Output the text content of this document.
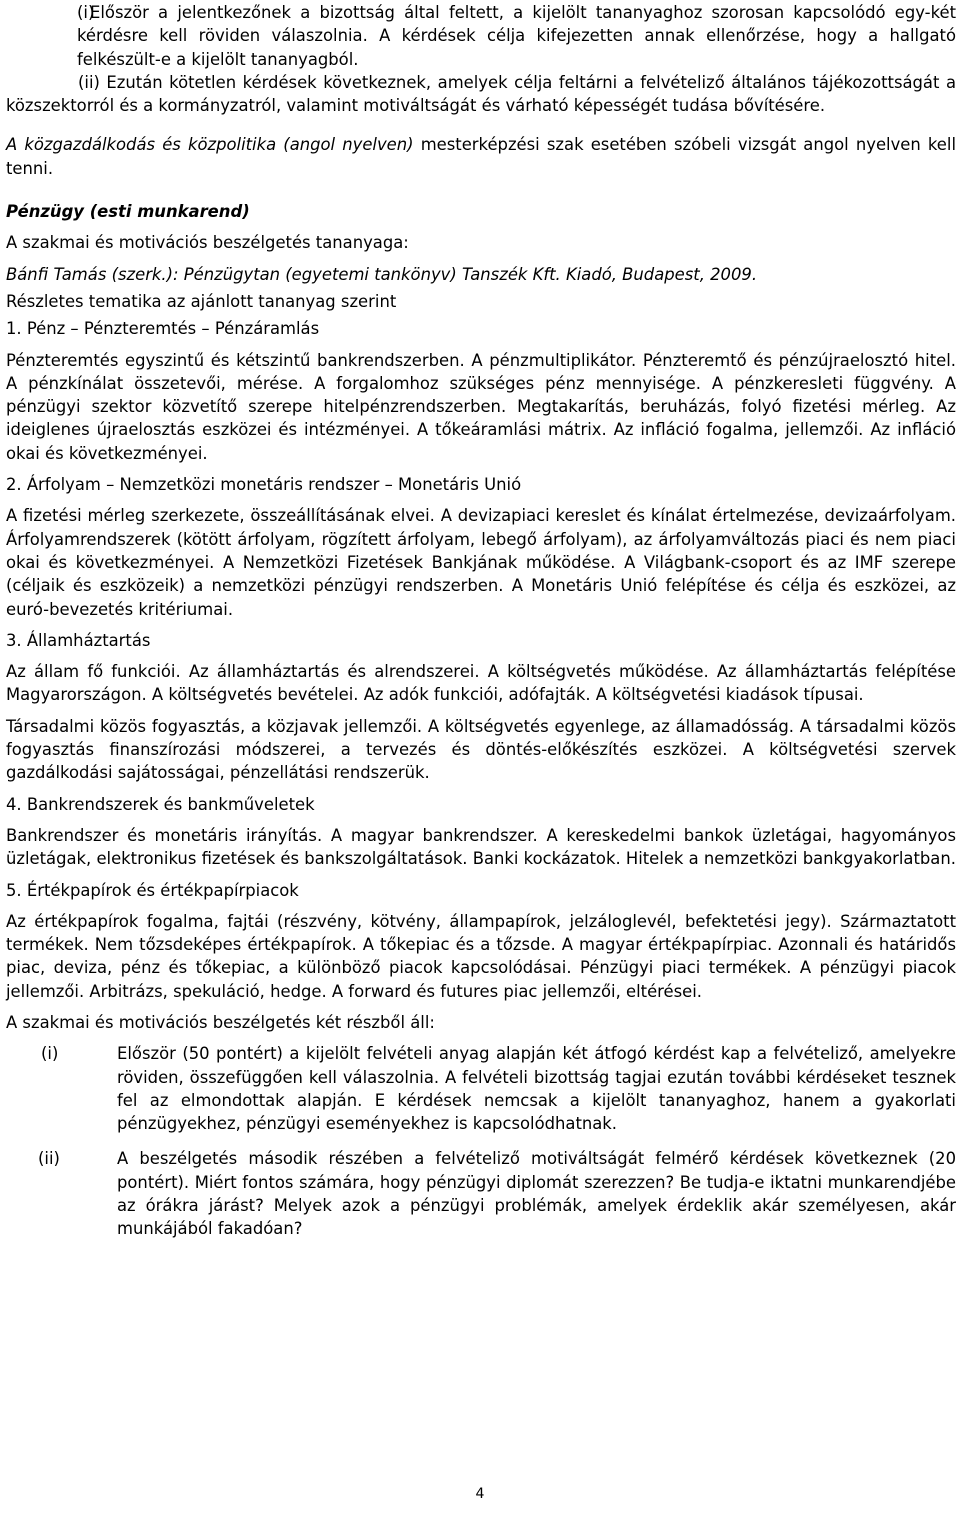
(i)
Először a jelentkezőnek a bizottság által feltett, a kijelölt tananyaghoz szorosan kapcsolódó egy-két kérdésre kell röviden válaszolnia. A kérdések célja kifejezetten annak ellenőrzése, hogy a hallgató felkészült-e a kijelölt tananyagból.

(ii) Ezután kötetlen kérdések következnek, amelyek célja feltárni a felvételiző általános tájékozottságát a közszektorról és a kormányzatról, valamint motiváltságát és várható képességét tudása bővítésére.

A közgazdálkodás és közpolitika (angol nyelven) mesterképzési szak esetében szóbeli vizsgát angol nyelven kell tenni.

Pénzügy (esti munkarend)

A szakmai és motivációs beszélgetés tananyaga:

Bánfi Tamás (szerk.): Pénzügytan (egyetemi tankönyv) Tanszék Kft. Kiadó, Budapest, 2009.

Részletes tematika az ajánlott tananyag szerint

1. Pénz – Pénzteremtés – Pénzáramlás

Pénzteremtés egyszintű és kétszintű bankrendszerben. A pénzmultiplikátor. Pénzteremtő és pénzújraelosztó hitel. A pénzkínálat összetevői, mérése. A forgalomhoz szükséges pénz mennyisége. A pénzkeresleti függvény. A pénzügyi szektor közvetítő szerepe hitelpénzrendszerben. Megtakarítás, beruházás, folyó fizetési mérleg. Az ideiglenes újraelosztás eszközei és intézményei. A tőkeáramlási mátrix. Az infláció fogalma, jellemzői. Az infláció okai és következményei.

2. Árfolyam – Nemzetközi monetáris rendszer – Monetáris Unió

A fizetési mérleg szerkezete, összeállításának elvei. A devizapiaci kereslet és kínálat értelmezése, devizaárfolyam. Árfolyamrendszerek (kötött árfolyam, rögzített árfolyam, lebegő árfolyam), az árfolyamváltozás piaci és nem piaci okai és következményei. A Nemzetközi Fizetések Bankjának működése. A Világbank-csoport és az IMF szerepe (céljaik és eszközeik) a nemzetközi pénzügyi rendszerben. A Monetáris Unió felépítése és célja és eszközei, az euró-bevezetés kritériumai.

3. Államháztartás

Az állam fő funkciói. Az államháztartás és alrendszerei. A költségvetés működése. Az államháztartás felépítése Magyarországon. A költségvetés bevételei. Az adók funkciói, adófajták. A költségvetési kiadások típusai.

Társadalmi közös fogyasztás, a közjavak jellemzői. A költségvetés egyenlege, az államadósság. A társadalmi közös fogyasztás finanszírozási módszerei, a tervezés és döntés-előkészítés eszközei. A költségvetési szervek gazdálkodási sajátosságai, pénzellátási rendszerük.

4. Bankrendszerek és bankműveletek

Bankrendszer és monetáris irányítás. A magyar bankrendszer. A kereskedelmi bankok üzletágai, hagyományos üzletágak, elektronikus fizetések és bankszolgáltatások. Banki kockázatok. Hitelek a nemzetközi bankgyakorlatban.

5. Értékpapírok és értékpapírpiacok

Az értékpapírok fogalma, fajtái (részvény, kötvény, állampapírok, jelzáloglevél, befektetési jegy). Származtatott termékek. Nem tőzsdeképes értékpapírok. A tőkepiac és a tőzsde. A magyar értékpapírpiac. Azonnali és határidős piac, deviza, pénz és tőkepiac, a különböző piacok kapcsolódásai. Pénzügyi piaci termékek. A pénzügyi piacok jellemzői. Arbitrázs, spekuláció, hedge. A forward és futures piac jellemzői, eltérései.

A szakmai és motivációs beszélgetés két részből áll:

(i)	Először (50 pontért) a kijelölt felvételi anyag alapján két átfogó kérdést kap a felvételiző, amelyekre röviden, összefüggően kell válaszolnia. A felvételi bizottság tagjai ezután további kérdéseket tesznek fel az elmondottak alapján. E kérdések nemcsak a kijelölt tananyaghoz, hanem a gyakorlati pénzügyekhez, pénzügyi eseményekhez is kapcsolódhatnak.

(ii)	A beszélgetés második részében a felvételiző motiváltságát felmérő kérdések következnek (20 pontért). Miért fontos számára, hogy pénzügyi diplomát szerezzen? Be tudja-e iktatni munkarendjébe az órákra járást? Melyek azok a pénzügyi problémák, amelyek érdeklik akár személyesen, akár munkájából fakadóan?

4
